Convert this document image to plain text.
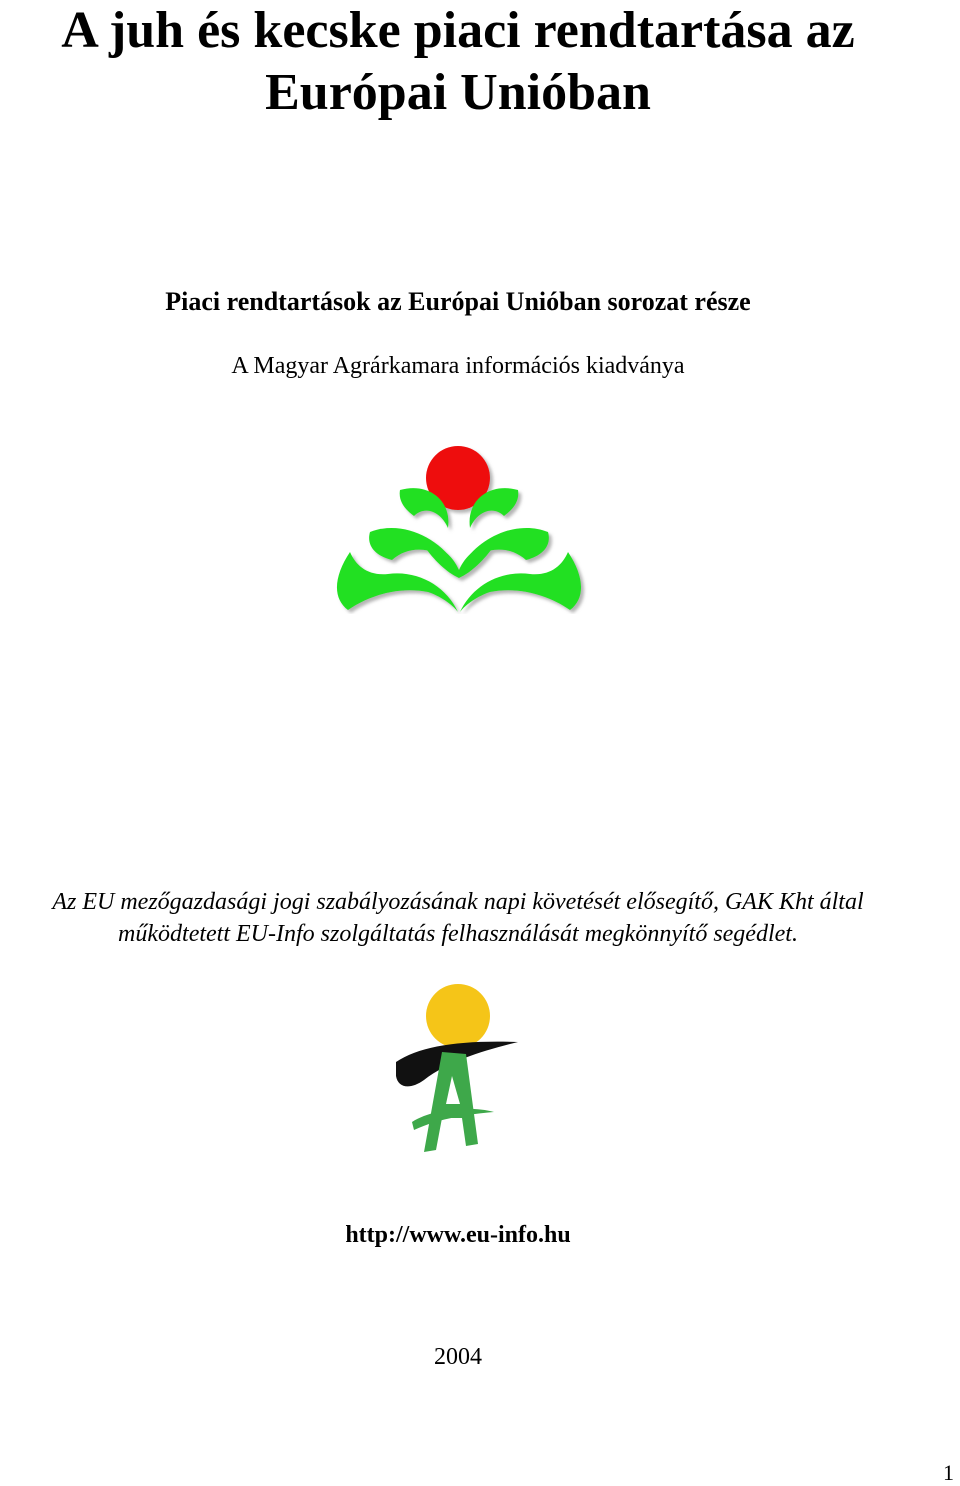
A juh és kecske piaci rendtartása az
Európai Unióban
Piaci rendtartások az Európai Unióban sorozat része
A Magyar Agrárkamara információs kiadványa
Az EU mezőgazdasági jogi szabályozásának napi követését elősegítő, GAK Kht által
működtetett EU-Info szolgáltatás felhasználását megkönnyítő segédlet.
http://www.eu-info.hu
2004
1
